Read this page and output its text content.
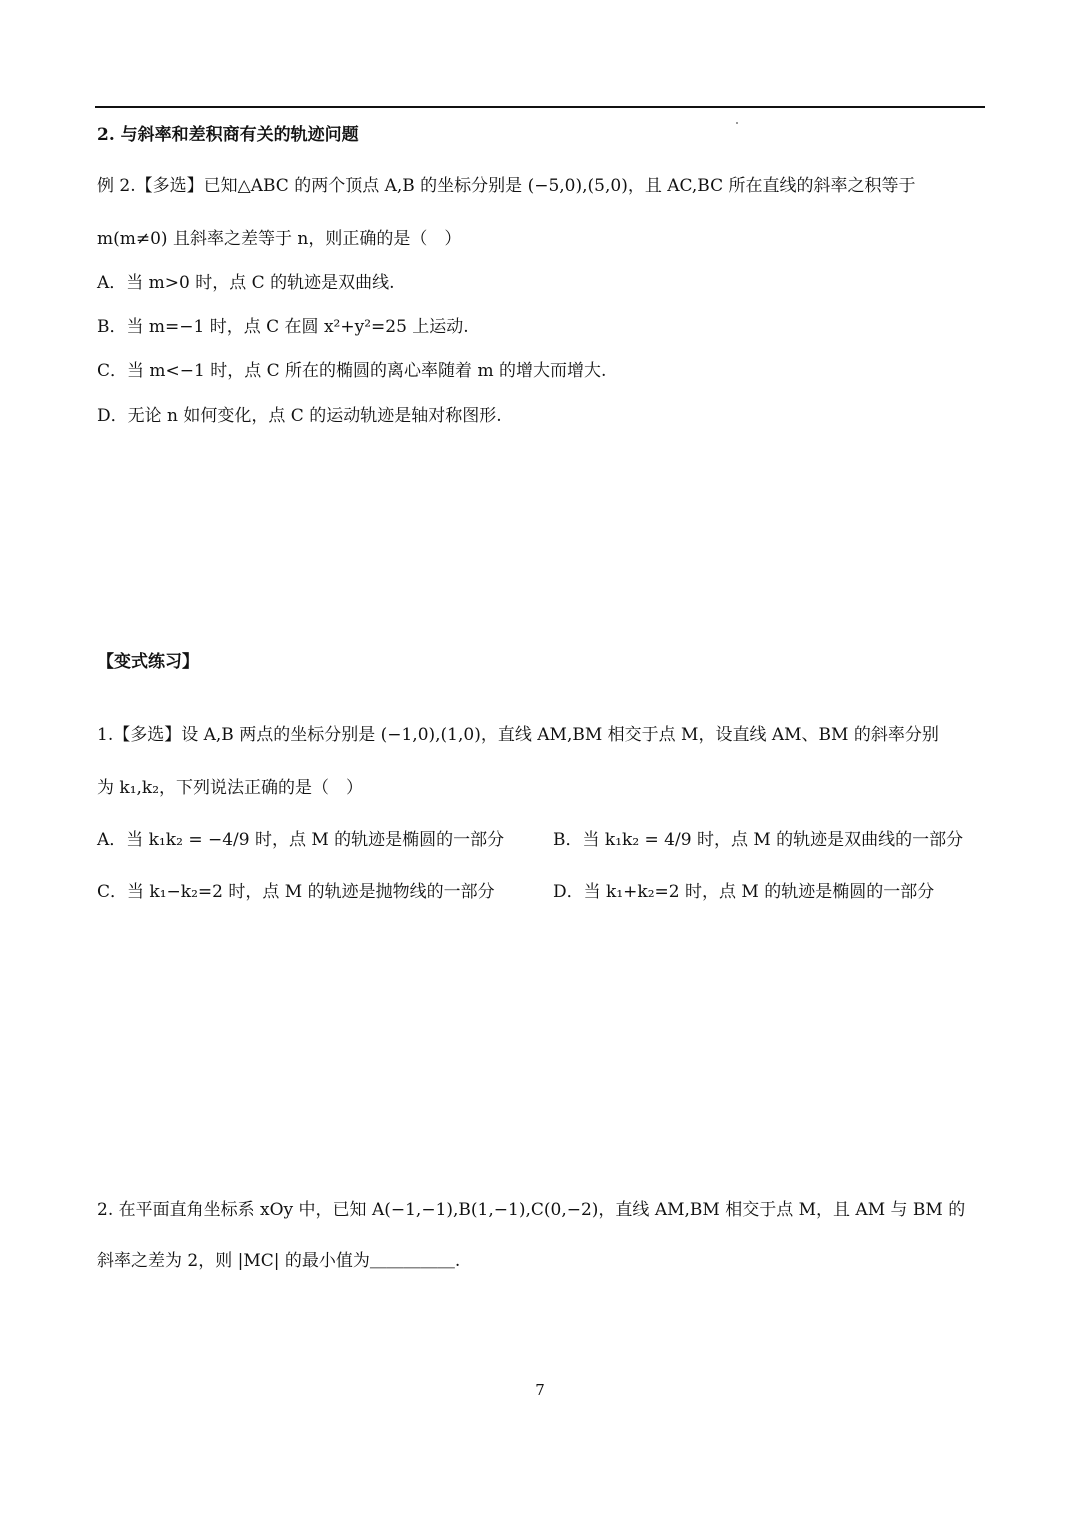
2. 与斜率和差积商有关的轨迹问题
例 2.【多选】已知△ABC 的两个顶点 A,B 的坐标分别是 (−5,0),(5,0)，且 AC,BC 所在直线的斜率之积等于
m(m≠0) 且斜率之差等于 n，则正确的是（　）
A．当 m>0 时，点 C 的轨迹是双曲线.
B．当 m=−1 时，点 C 在圆 x²+y²=25 上运动.
C．当 m<−1 时，点 C 所在的椭圆的离心率随着 m 的增大而增大.
D．无论 n 如何变化，点 C 的运动轨迹是轴对称图形.
【变式练习】
1.【多选】设 A,B 两点的坐标分别是 (−1,0),(1,0)，直线 AM,BM 相交于点 M，设直线 AM、BM 的斜率分别
为 k₁,k₂，下列说法正确的是（　）
A．当 k₁k₂ = −4/9 时，点 M 的轨迹是椭圆的一部分	B．当 k₁k₂ = 4/9 时，点 M 的轨迹是双曲线的一部分
C．当 k₁−k₂=2 时，点 M 的轨迹是抛物线的一部分	D．当 k₁+k₂=2 时，点 M 的轨迹是椭圆的一部分
2. 在平面直角坐标系 xOy 中，已知 A(−1,−1),B(1,−1),C(0,−2)，直线 AM,BM 相交于点 M，且 AM 与 BM 的
斜率之差为 2，则 |MC| 的最小值为＿＿＿＿＿.
7
